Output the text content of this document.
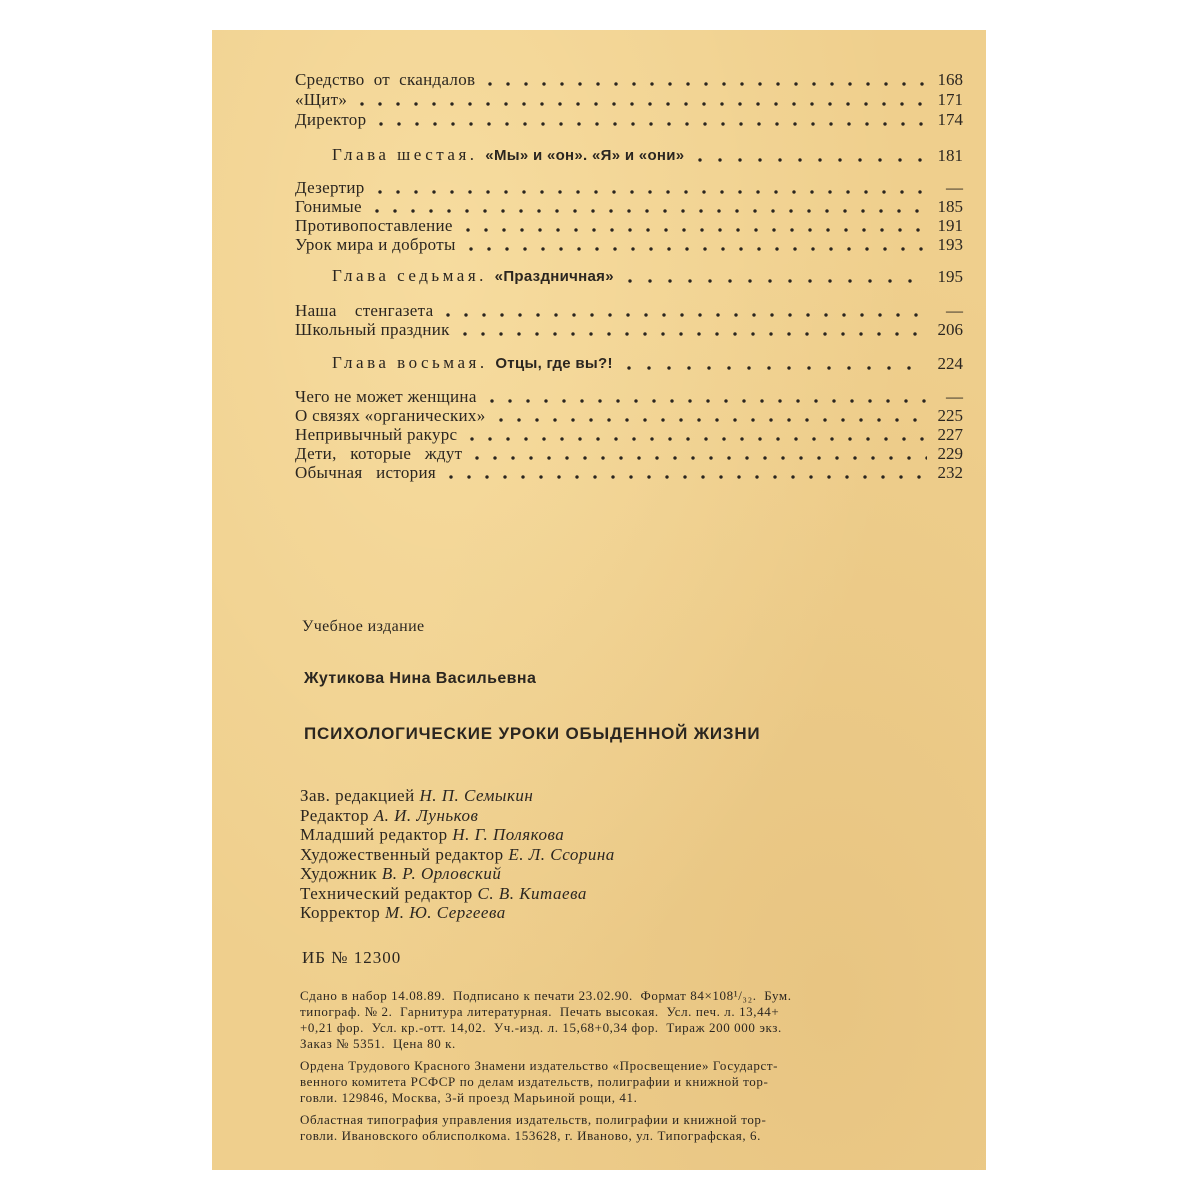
Средство  от  скандалов	168
«Щит»	171
Директор	174
Глава шестая. «Мы» и «он». «Я» и «они»	181
Дезертир	—
Гонимые	185
Противопоставление	191
Урок мира и доброты	193
Глава седьмая. «Праздничная»	195
Наша    стенгазета	—
Школьный праздник	206
Глава восьмая. Отцы, где вы?!	224
Чего не может женщина	—
О связях «органических»	225
Непривычный ракурс	227
Дети,   которые   ждут	229
Обычная   история	232
Учебное издание
Жутикова Нина Васильевна
ПСИХОЛОГИЧЕСКИЕ УРОКИ ОБЫДЕННОЙ ЖИЗНИ
Зав. редакцией Н. П. Семыкин
Редактор А. И. Луньков
Младший редактор Н. Г. Полякова
Художественный редактор Е. Л. Ссорина
Художник В. Р. Орловский
Технический редактор С. В. Китаева
Корректор М. Ю. Сергеева
ИБ № 12300

Сдано в набор 14.08.89.  Подписано к печати 23.02.90.  Формат 84×108¹/₃₂.  Бум.

типограф. № 2.  Гарнитура литературная.  Печать высокая.  Усл. печ. л. 13,44+

+0,21 фор.  Усл. кр.-отт. 14,02.  Уч.-изд. л. 15,68+0,34 фор.  Тираж 200 000 экз.

Заказ № 5351.  Цена 80 к.

Ордена Трудового Красного Знамени издательство «Просвещение» Государст-

венного комитета РСФСР по делам издательств, полиграфии и книжной тор-

говли. 129846, Москва, 3-й проезд Марьиной рощи, 41.

Областная типография управления издательств, полиграфии и книжной тор-

говли. Ивановского облисполкома. 153628, г. Иваново, ул. Типографская, 6.
